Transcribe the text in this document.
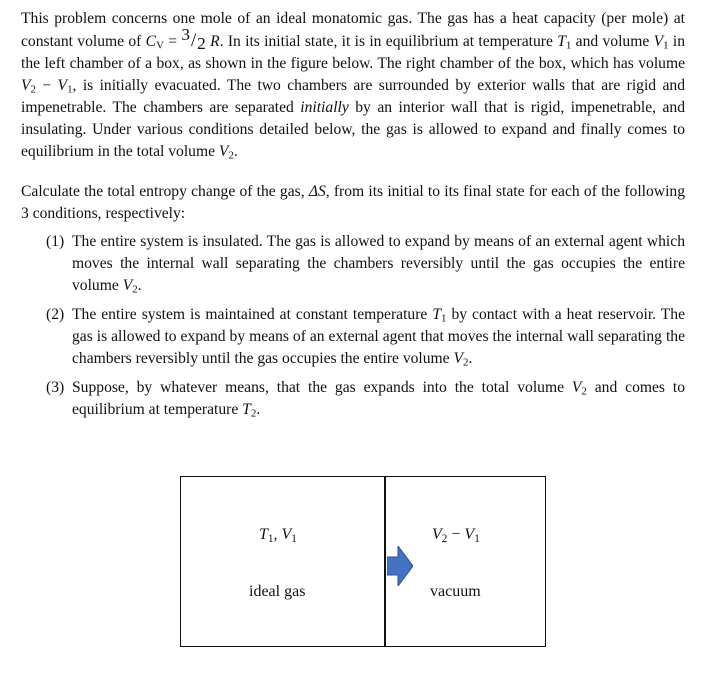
This problem concerns one mole of an ideal monatomic gas. The gas has a heat capacity (per mole) at constant volume of $C_V = 3/2$ R. In its initial state, it is in equilibrium at temperature $T_1$ and volume $V_1$ in the left chamber of a box, as shown in the figure below. The right chamber of the box, which has volume $V_2 - V_1$, is initially evacuated. The two chambers are surrounded by exterior walls that are rigid and impenetrable. The chambers are separated initially by an interior wall that is rigid, impenetrable, and insulating. Under various conditions detailed below, the gas is allowed to expand and finally comes to equilibrium in the total volume $V_2$.

Calculate the total entropy change of the gas, ΔS, from its initial to its final state for each of the following 3 conditions, respectively:

(1) The entire system is insulated. The gas is allowed to expand by means of an external agent which moves the internal wall separating the chambers reversibly until the gas occupies the entire volume $V_2$.
(2) The entire system is maintained at constant temperature $T_1$ by contact with a heat reservoir. The gas is allowed to expand by means of an external agent that moves the internal wall separating the chambers reversibly until the gas occupies the entire volume $V_2$.
(3) Suppose, by whatever means, that the gas expands into the total volume $V_2$ and comes to equilibrium at temperature $T_2$.
$T_1$, $V_1$
ideal gas
$V_2 - V_1$
vacuum
